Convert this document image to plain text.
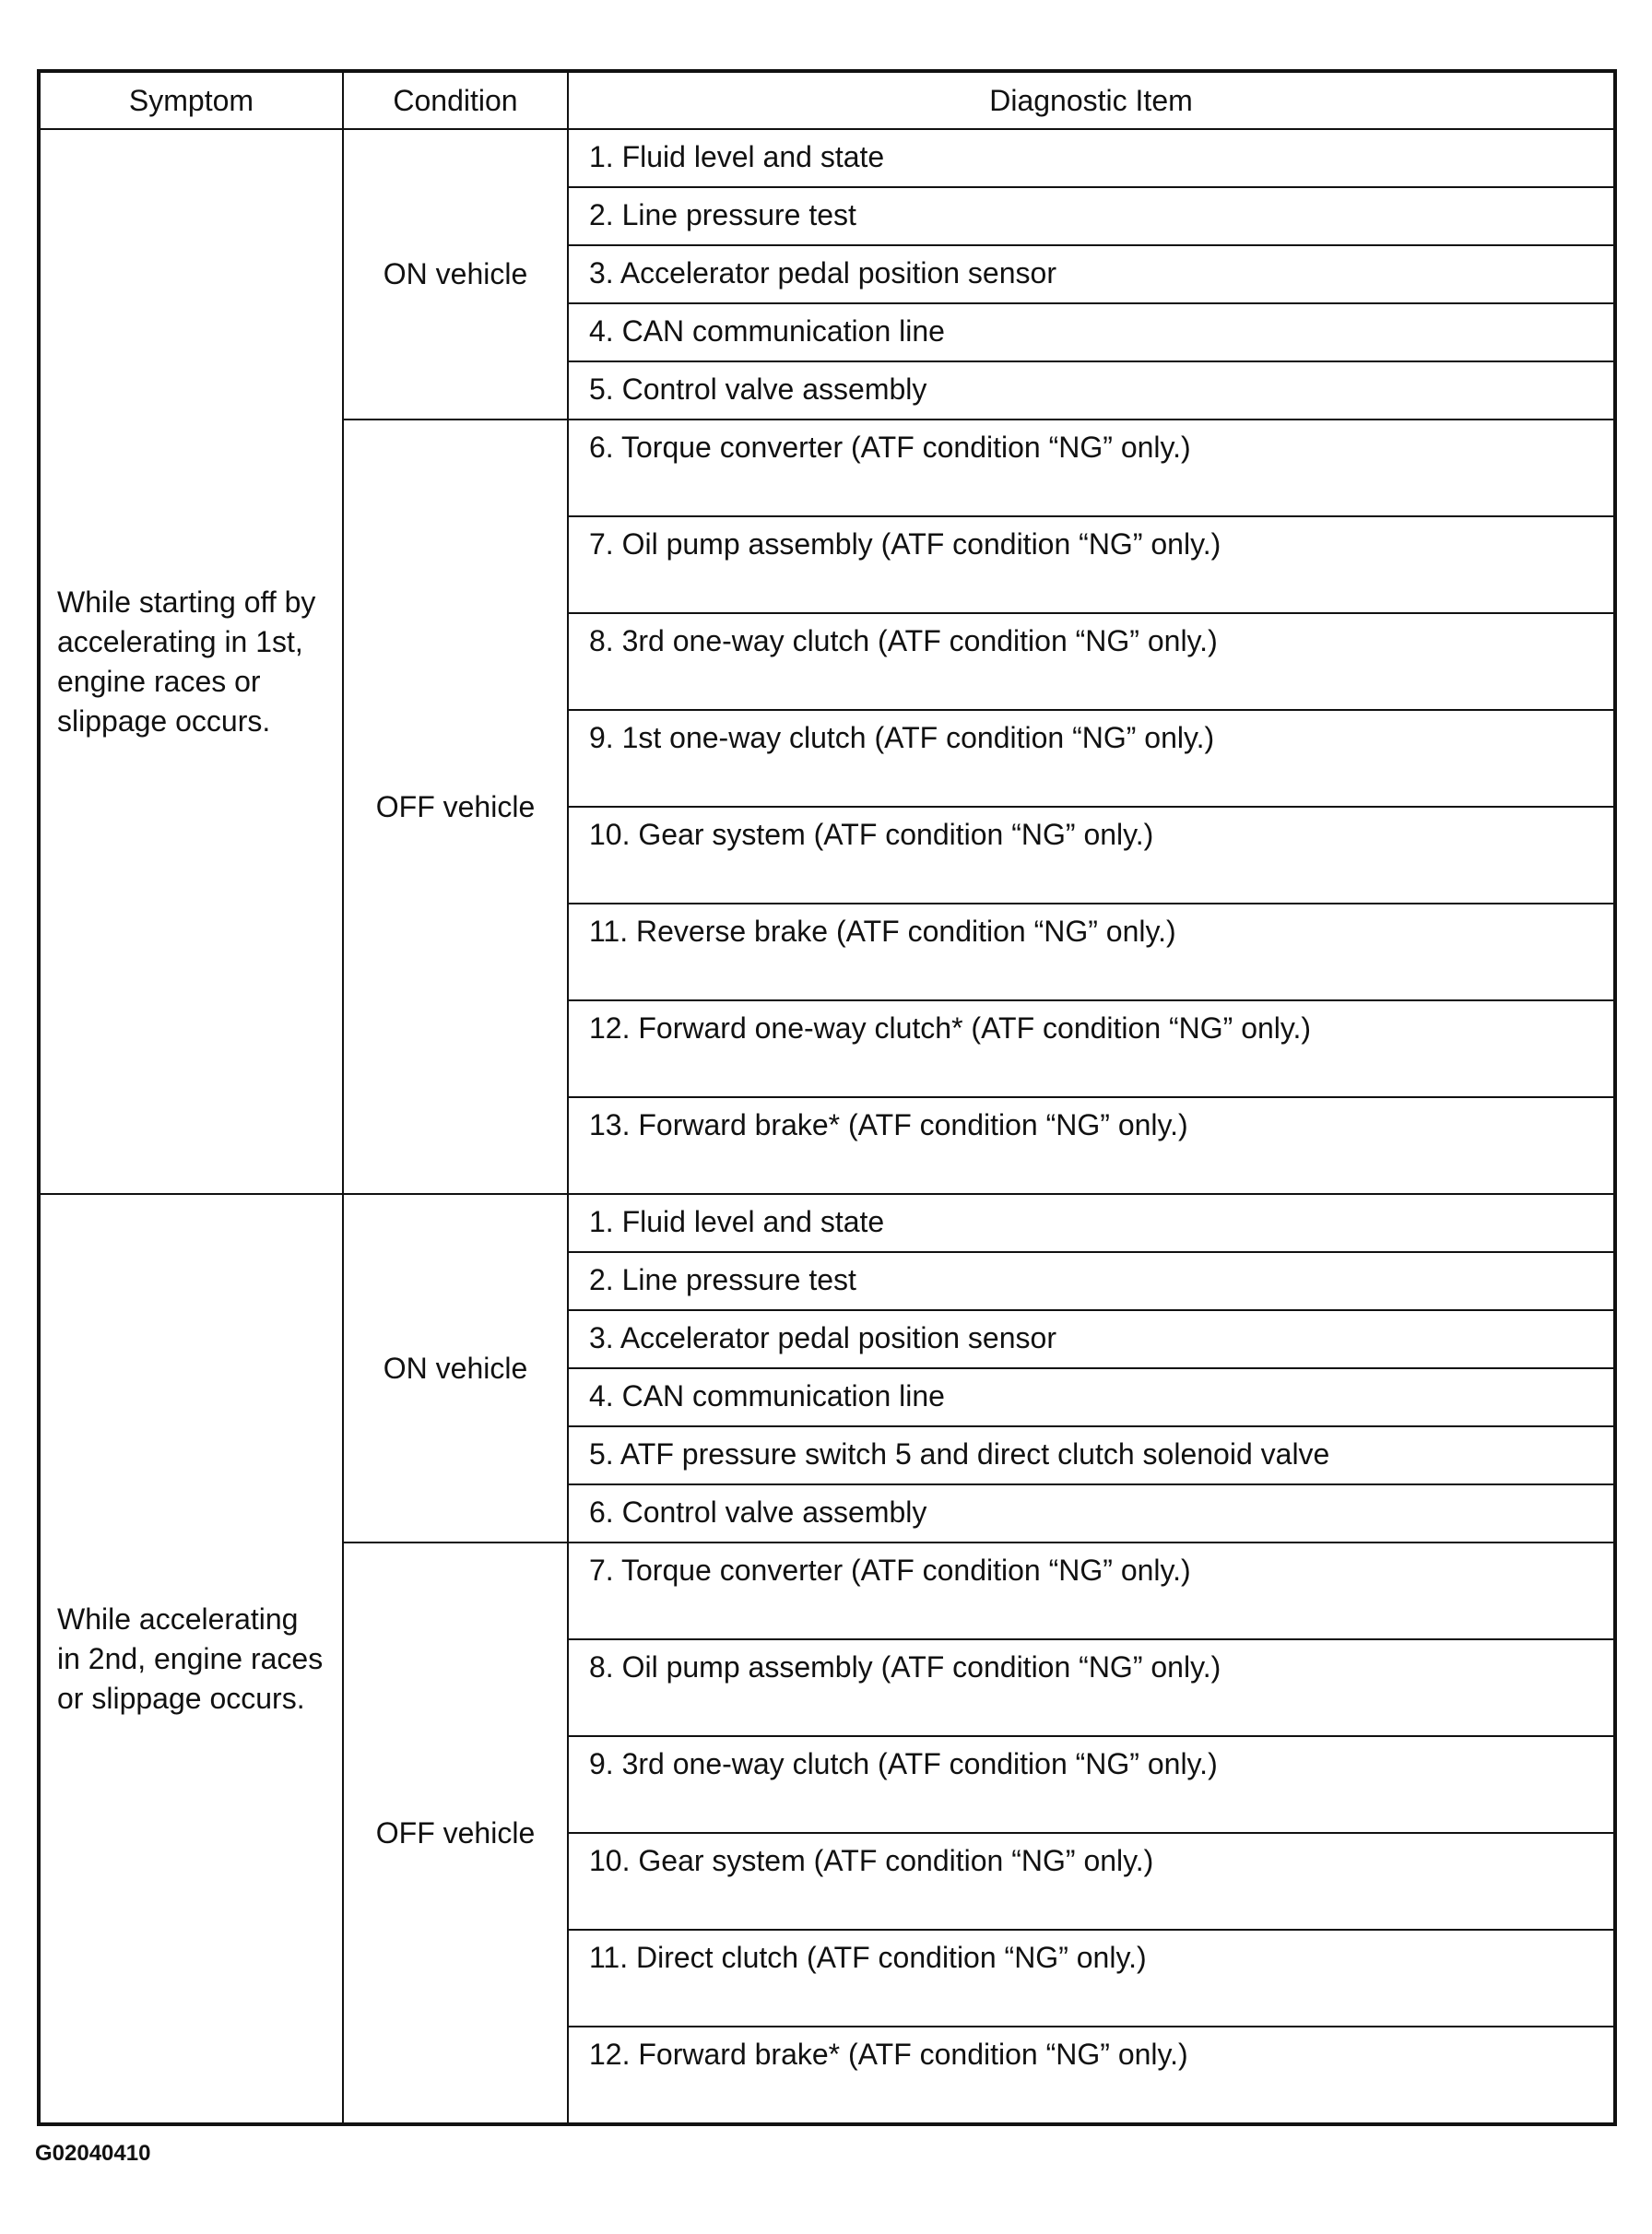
Symptom	Condition	Diagnostic Item
While starting off by accelerating in 1st, engine races or slippage occurs.	ON vehicle	1. Fluid level and state

		2. Line pressure test

		3. Accelerator pedal position sensor

		4. CAN communication line

		5. Control valve assembly

	OFF vehicle	6. Torque converter (ATF condition “NG” only.)

		7. Oil pump assembly (ATF condition “NG” only.)

		8. 3rd one-way clutch (ATF condition “NG” only.)

		9. 1st one-way clutch (ATF condition “NG” only.)

		10. Gear system (ATF condition “NG” only.)

		11. Reverse brake (ATF condition “NG” only.)

		12. Forward one-way clutch* (ATF condition “NG” only.)

		13. Forward brake* (ATF condition “NG” only.)

While accelerating in 2nd, engine races or slippage occurs.	ON vehicle	1. Fluid level and state

		2. Line pressure test

		3. Accelerator pedal position sensor

		4. CAN communication line

		5. ATF pressure switch 5 and direct clutch solenoid valve

		6. Control valve assembly

	OFF vehicle	7. Torque converter (ATF condition “NG” only.)

		8. Oil pump assembly (ATF condition “NG” only.)

		9. 3rd one-way clutch (ATF condition “NG” only.)

		10. Gear system (ATF condition “NG” only.)

		11. Direct clutch (ATF condition “NG” only.)

		12. Forward brake* (ATF condition “NG” only.)
G02040410
